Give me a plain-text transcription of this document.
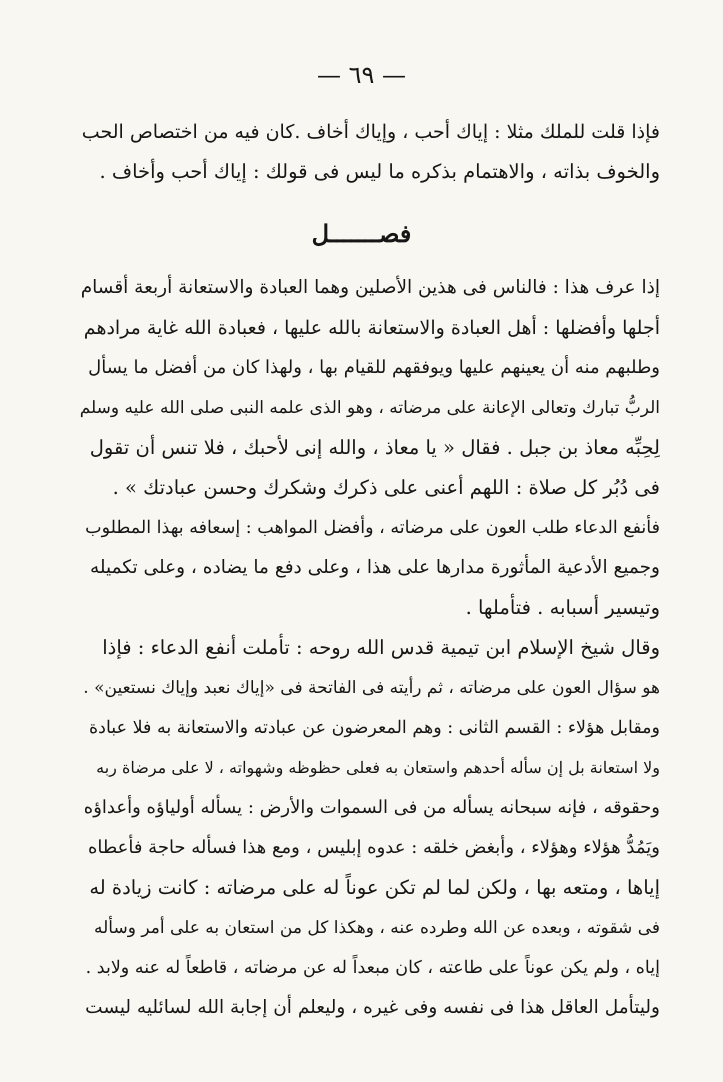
— ٦٩ —
فإذا قلت للملك مثلا : إياك أحب ، وإياك أخاف .كان فيه من اختصاص الحب
والخوف بذاته ، والاهتمام بذكره ما ليس فى قولك : إياك أحب وأخاف .
فصـــــــل
إذا عرف هذا : فالناس فى هذين الأصلين وهما العبادة والاستعانة أربعة أقسام
أجلها وأفضلها : أهل العبادة والاستعانة بالله عليها ، فعبادة الله غاية مرادهم
وطلبهم منه أن يعينهم عليها ويوفقهم للقيام بها ، ولهذا كان من أفضل ما يسأل
الربُّ تبارك وتعالى الإعانة على مرضاته ، وهو الذى علمه النبى صلى الله عليه وسلم
لِحِبِّه معاذ بن جبل . فقال « يا معاذ ، والله إنى لأحبك ، فلا تنس أن تقول
فى دُبُر كل صلاة : اللهم أعنى على ذكرك وشكرك وحسن عبادتك » .
فأنفع الدعاء طلب العون على مرضاته ، وأفضل المواهب : إسعافه بهذا المطلوب
وجميع الأدعية المأثورة مدارها على هذا ، وعلى دفع ما يضاده ، وعلى تكميله
وتيسير أسبابه . فتأملها .
وقال شيخ الإسلام ابن تيمية قدس الله روحه : تأملت أنفع الدعاء : فإذا
هو سؤال العون على مرضاته ، ثم رأيته فى الفاتحة فى «إياك نعبد وإياك نستعين» .
ومقابل هؤلاء : القسم الثانى : وهم المعرضون عن عبادته والاستعانة به فلا عبادة
ولا استعانة بل إن سأله أحدهم واستعان به فعلى حظوظه وشهواته ، لا على مرضاة ربه
وحقوقه ، فإنه سبحانه يسأله من فى السموات والأرض : يسأله أولياؤه وأعداؤه
ويَمُدُّ هؤلاء وهؤلاء ، وأبغض خلقه : عدوه إبليس ، ومع هذا فسأله حاجة فأعطاه
إياها ، ومتعه بها ، ولكن لما لم تكن عوناً له على مرضاته : كانت زيادة له
فى شقوته ، وبعده عن الله وطرده عنه ، وهكذا كل من استعان به على أمر وسأله
إياه ، ولم يكن عوناً على طاعته ، كان مبعداً له عن مرضاته ، قاطعاً له عنه ولابد .
وليتأمل العاقل هذا فى نفسه وفى غيره ، وليعلم أن إجابة الله لسائليه ليست
